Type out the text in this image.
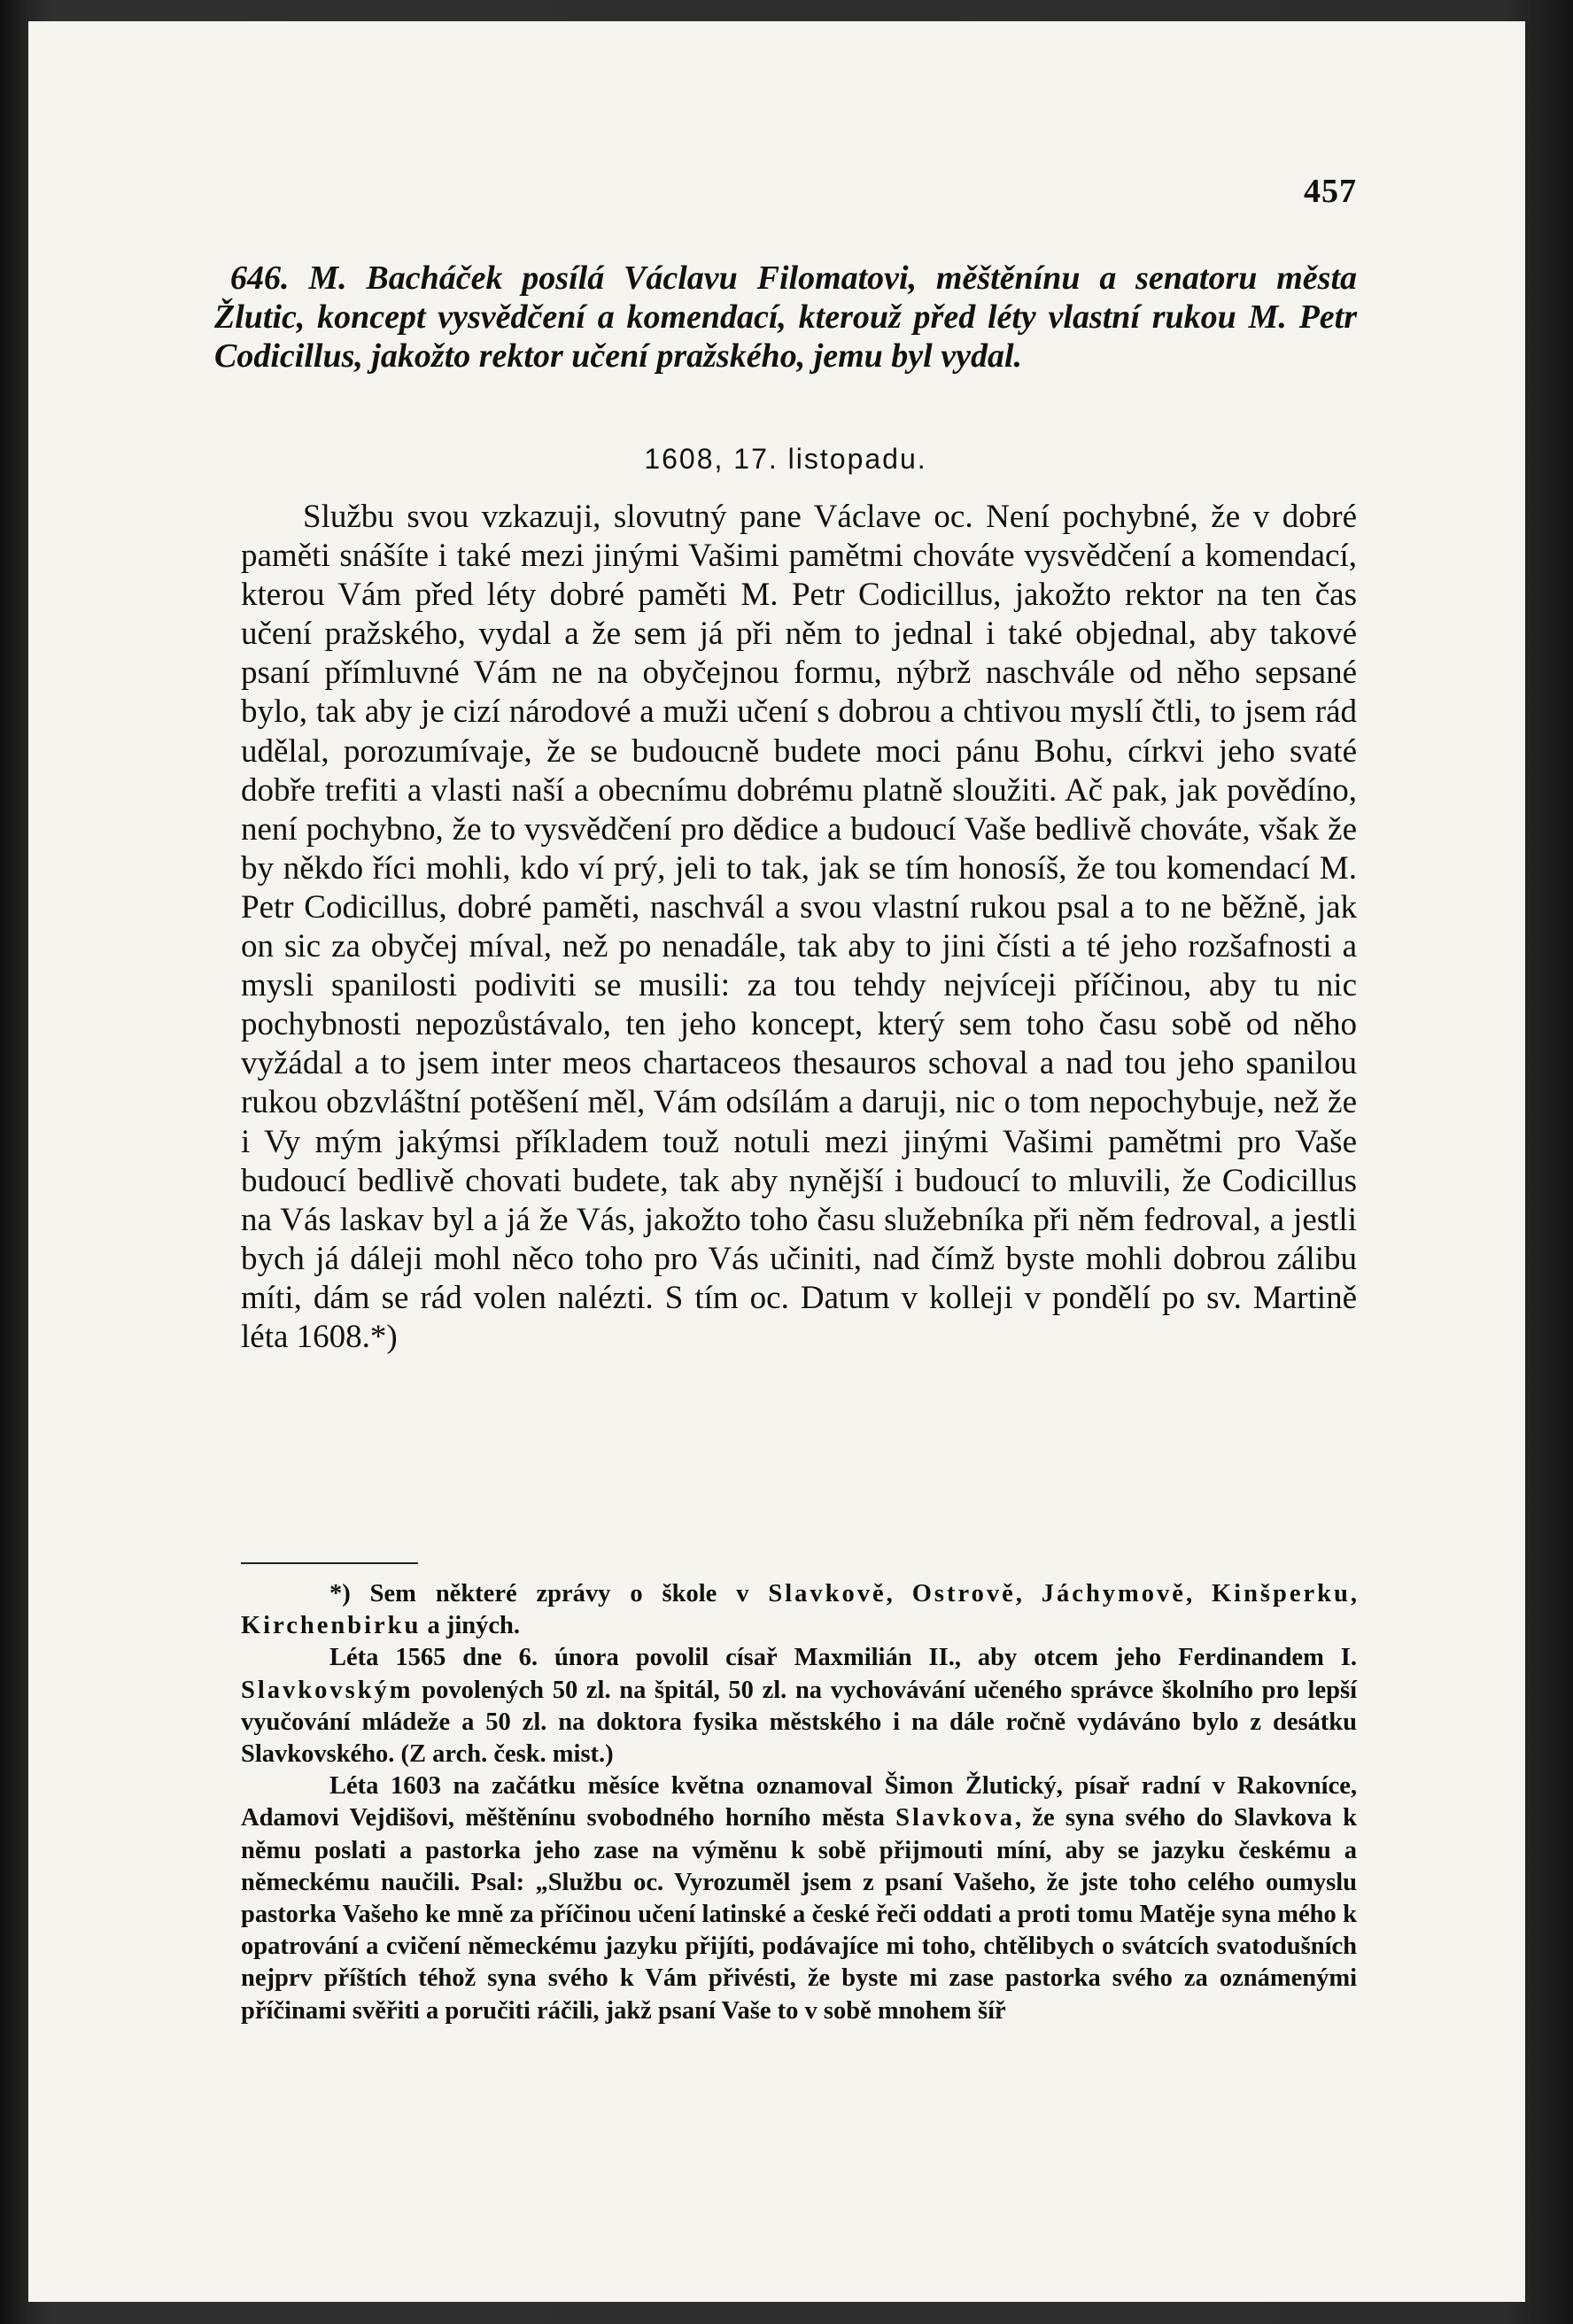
457

646. M. Bacháček posílá Václavu Filomatovi, měštěnínu a senatoru města Žlutic, koncept vysvědčení a komendací, kterouž před léty vlastní rukou M. Petr Codicillus, jakožto rektor učení pražského, jemu byl vydal.

1608, 17. listopadu.

Službu svou vzkazuji, slovutný pane Václave oc. Není pochybné, že v dobré paměti snášíte i také mezi jinými Vašimi pamětmi chováte vysvědčení a komendací, kterou Vám před léty dobré paměti M. Petr Codicillus, jakožto rektor na ten čas učení pražského, vydal a že sem já při něm to jednal i také objednal, aby takové psaní přímluvné Vám ne na obyčejnou formu, nýbrž naschvále od něho sepsané bylo, tak aby je cizí národové a muži učení s dobrou a chtivou myslí čtli, to jsem rád udělal, porozumívaje, že se budoucně budete moci pánu Bohu, církvi jeho svaté dobře trefiti a vlasti naší a obecnímu dobrému platně sloužiti. Ač pak, jak povědíno, není pochybno, že to vysvědčení pro dědice a budoucí Vaše bedlivě chováte, však že by někdo říci mohli, kdo ví prý, jeli to tak, jak se tím honosíš, že tou komendací M. Petr Codicillus, dobré paměti, naschvál a svou vlastní rukou psal a to ne běžně, jak on sic za obyčej míval, než po nenadále, tak aby to jini čísti a té jeho rozšafnosti a mysli spanilosti podiviti se musili: za tou tehdy nejvíceji příčinou, aby tu nic pochybnosti nepozůstávalo, ten jeho koncept, který sem toho času sobě od něho vyžádal a to jsem inter meos chartaceos thesauros schoval a nad tou jeho spanilou rukou obzvláštní potěšení měl, Vám odsílám a daruji, nic o tom nepochybuje, než že i Vy mým jakýmsi příkladem touž notuli mezi jinými Vašimi pamětmi pro Vaše budoucí bedlivě chovati budete, tak aby nynější i budoucí to mluvili, že Codicillus na Vás laskav byl a já že Vás, jakožto toho času služebníka při něm fedroval, a jestli bych já dáleji mohl něco toho pro Vás učiniti, nad čímž byste mohli dobrou zálibu míti, dám se rád volen nalézti. S tím oc. Datum v kolleji v pondělí po sv. Martině léta 1608.*)

*) Sem některé zprávy o škole v Slavkově, Ostrově, Jáchymově, Kinšperku, Kirchenbirku a jiných.

Léta 1565 dne 6. února povolil císař Maxmilián II., aby otcem jeho Ferdinandem I. Slavkovským povolených 50 zl. na špitál, 50 zl. na vychovávání učeného správce školního pro lepší vyučování mládeže a 50 zl. na doktora fysika městského i na dále ročně vydáváno bylo z desátku Slavkovského. (Z arch. česk. mist.)

Léta 1603 na začátku měsíce května oznamoval Šimon Žlutický, písař radní v Rakovníce, Adamovi Vejdišovi, měštěnínu svobodného horního města Slavkova, že syna svého do Slavkova k němu poslati a pastorka jeho zase na výměnu k sobě přijmouti míní, aby se jazyku českému a německému naučili. Psal: „Službu oc. Vyrozuměl jsem z psaní Vašeho, že jste toho celého oumyslu pastorka Vašeho ke mně za příčinou učení latinské a české řeči oddati a proti tomu Matěje syna mého k opatrování a cvičení německému jazyku přijíti, podávajíce mi toho, chtělibych o svátcích svatodušních nejprv příštích téhož syna svého k Vám přivésti, že byste mi zase pastorka svého za oznámenými příčinami svěřiti a poručiti ráčili, jakž psaní Vaše to v sobě mnohem šíř
